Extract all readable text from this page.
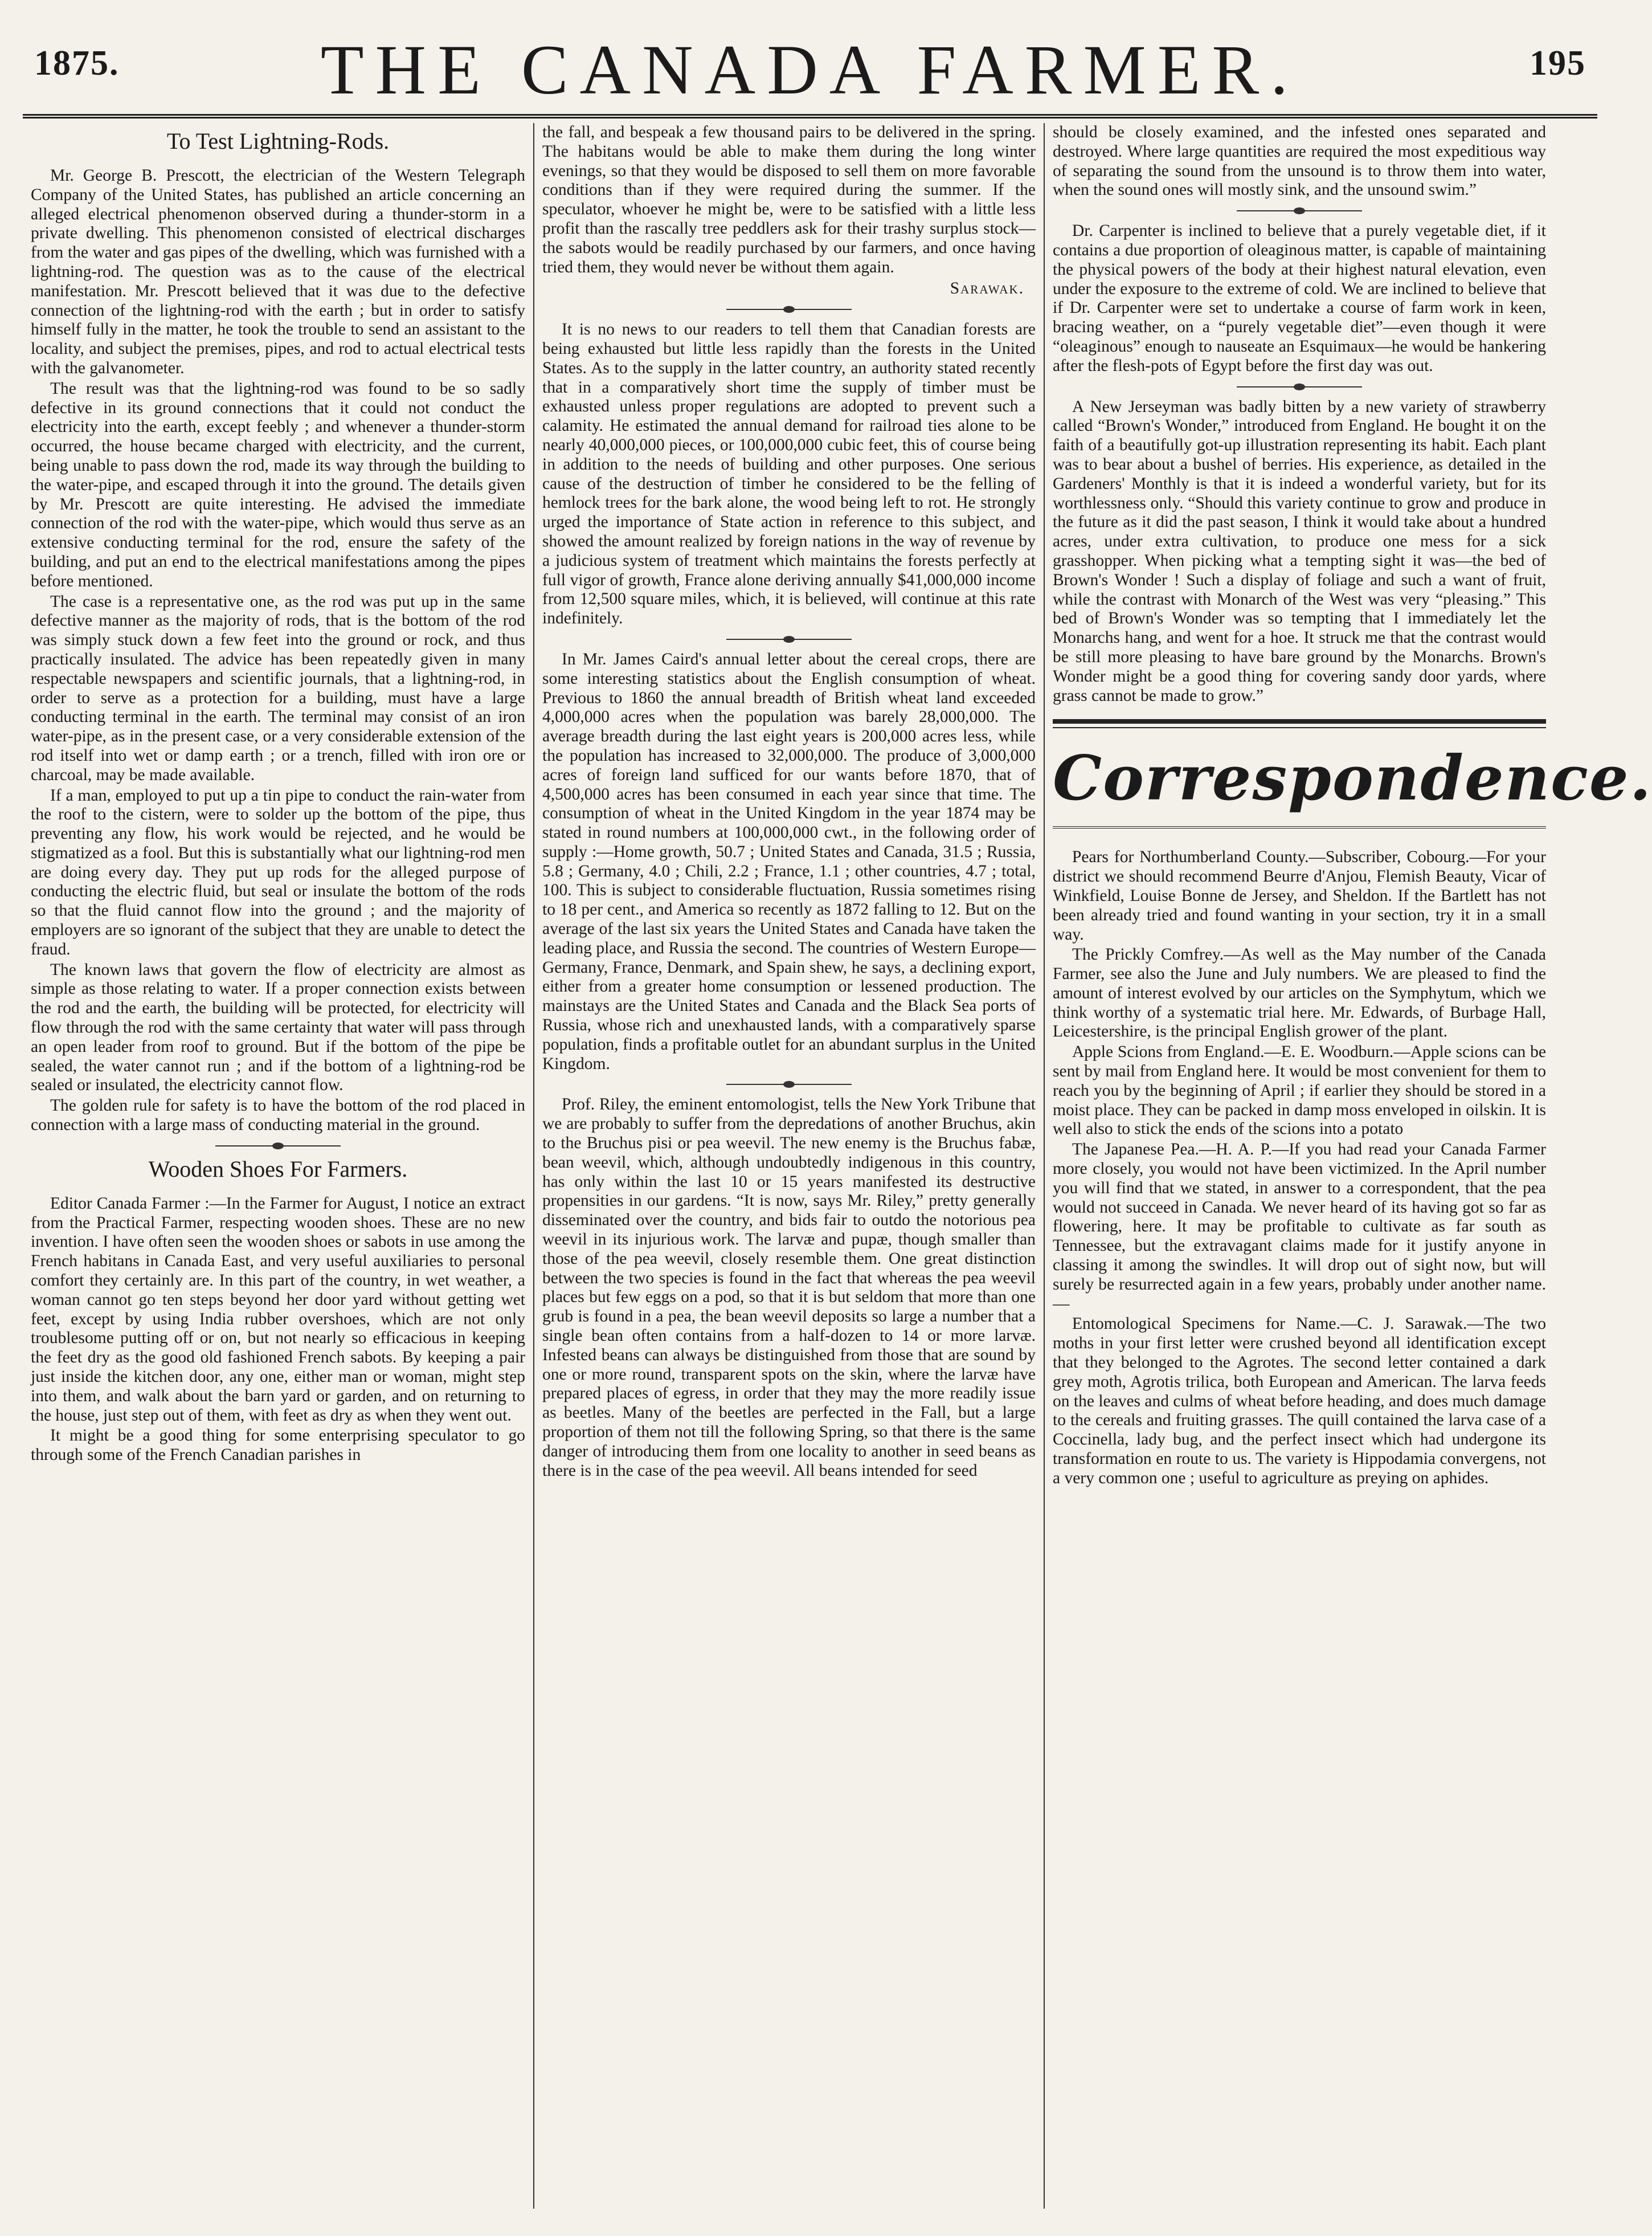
1875.	THE CANADA FARMER.	195
To Test Lightning-Rods.

Mr. George B. Prescott, the electrician of the Western Telegraph Company of the United States, has published an article concerning an alleged electrical phenomenon observed during a thunder-storm in a private dwelling. This phenomenon consisted of electrical discharges from the water and gas pipes of the dwelling, which was furnished with a lightning-rod. The question was as to the cause of the electrical manifestation. Mr. Prescott believed that it was due to the defective connection of the lightning-rod with the earth ; but in order to satisfy himself fully in the matter, he took the trouble to send an assistant to the locality, and subject the premises, pipes, and rod to actual electrical tests with the galvanometer.

The result was that the lightning-rod was found to be so sadly defective in its ground connections that it could not conduct the electricity into the earth, except feebly ; and whenever a thunder-storm occurred, the house became charged with electricity, and the current, being unable to pass down the rod, made its way through the building to the water-pipe, and escaped through it into the ground. The details given by Mr. Prescott are quite interesting. He advised the immediate connection of the rod with the water-pipe, which would thus serve as an extensive conducting terminal for the rod, ensure the safety of the building, and put an end to the electrical manifestations among the pipes before mentioned.

The case is a representative one, as the rod was put up in the same defective manner as the majority of rods, that is the bottom of the rod was simply stuck down a few feet into the ground or rock, and thus practically insulated. The advice has been repeatedly given in many respectable newspapers and scientific journals, that a lightning-rod, in order to serve as a protection for a building, must have a large conducting terminal in the earth. The terminal may consist of an iron water-pipe, as in the present case, or a very considerable extension of the rod itself into wet or damp earth ; or a trench, filled with iron ore or charcoal, may be made available.

If a man, employed to put up a tin pipe to conduct the rain-water from the roof to the cistern, were to solder up the bottom of the pipe, thus preventing any flow, his work would be rejected, and he would be stigmatized as a fool. But this is substantially what our lightning-rod men are doing every day. They put up rods for the alleged purpose of conducting the electric fluid, but seal or insulate the bottom of the rods so that the fluid cannot flow into the ground ; and the majority of employers are so ignorant of the subject that they are unable to detect the fraud.

The known laws that govern the flow of electricity are almost as simple as those relating to water. If a proper connection exists between the rod and the earth, the building will be protected, for electricity will flow through the rod with the same certainty that water will pass through an open leader from roof to ground. But if the bottom of the pipe be sealed, the water cannot run ; and if the bottom of a lightning-rod be sealed or insulated, the electricity cannot flow.

The golden rule for safety is to have the bottom of the rod placed in connection with a large mass of conducting material in the ground.

Wooden Shoes For Farmers.

Editor Canada Farmer :—In the Farmer for August, I notice an extract from the Practical Farmer, respecting wooden shoes. These are no new invention. I have often seen the wooden shoes or sabots in use among the French habitans in Canada East, and very useful auxiliaries to personal comfort they certainly are. In this part of the country, in wet weather, a woman cannot go ten steps beyond her door yard without getting wet feet, except by using India rubber overshoes, which are not only troublesome putting off or on, but not nearly so efficacious in keeping the feet dry as the good old fashioned French sabots. By keeping a pair just inside the kitchen door, any one, either man or woman, might step into them, and walk about the barn yard or garden, and on returning to the house, just step out of them, with feet as dry as when they went out.

It might be a good thing for some enterprising speculator to go through some of the French Canadian parishes in

the fall, and bespeak a few thousand pairs to be delivered in the spring. The habitans would be able to make them during the long winter evenings, so that they would be disposed to sell them on more favorable conditions than if they were required during the summer. If the speculator, whoever he might be, were to be satisfied with a little less profit than the rascally tree peddlers ask for their trashy surplus stock—the sabots would be readily purchased by our farmers, and once having tried them, they would never be without them again.

Sarawak.

It is no news to our readers to tell them that Canadian forests are being exhausted but little less rapidly than the forests in the United States. As to the supply in the latter country, an authority stated recently that in a comparatively short time the supply of timber must be exhausted unless proper regulations are adopted to prevent such a calamity. He estimated the annual demand for railroad ties alone to be nearly 40,000,000 pieces, or 100,000,000 cubic feet, this of course being in addition to the needs of building and other purposes. One serious cause of the destruction of timber he considered to be the felling of hemlock trees for the bark alone, the wood being left to rot. He strongly urged the importance of State action in reference to this subject, and showed the amount realized by foreign nations in the way of revenue by a judicious system of treatment which maintains the forests perfectly at full vigor of growth, France alone deriving annually $41,000,000 income from 12,500 square miles, which, it is believed, will continue at this rate indefinitely.

In Mr. James Caird's annual letter about the cereal crops, there are some interesting statistics about the English consumption of wheat. Previous to 1860 the annual breadth of British wheat land exceeded 4,000,000 acres when the population was barely 28,000,000. The average breadth during the last eight years is 200,000 acres less, while the population has increased to 32,000,000. The produce of 3,000,000 acres of foreign land sufficed for our wants before 1870, that of 4,500,000 acres has been consumed in each year since that time. The consumption of wheat in the United Kingdom in the year 1874 may be stated in round numbers at 100,000,000 cwt., in the following order of supply :—Home growth, 50.7 ; United States and Canada, 31.5 ; Russia, 5.8 ; Germany, 4.0 ; Chili, 2.2 ; France, 1.1 ; other countries, 4.7 ; total, 100. This is subject to considerable fluctuation, Russia sometimes rising to 18 per cent., and America so recently as 1872 falling to 12. But on the average of the last six years the United States and Canada have taken the leading place, and Russia the second. The countries of Western Europe—Germany, France, Denmark, and Spain shew, he says, a declining export, either from a greater home consumption or lessened production. The mainstays are the United States and Canada and the Black Sea ports of Russia, whose rich and unexhausted lands, with a comparatively sparse population, finds a profitable outlet for an abundant surplus in the United Kingdom.

Prof. Riley, the eminent entomologist, tells the New York Tribune that we are probably to suffer from the depredations of another Bruchus, akin to the Bruchus pisi or pea weevil. The new enemy is the Bruchus fabæ, bean weevil, which, although undoubtedly indigenous in this country, has only within the last 10 or 15 years manifested its destructive propensities in our gardens. “It is now, says Mr. Riley,” pretty generally disseminated over the country, and bids fair to outdo the notorious pea weevil in its injurious work. The larvæ and pupæ, though smaller than those of the pea weevil, closely resemble them. One great distinction between the two species is found in the fact that whereas the pea weevil places but few eggs on a pod, so that it is but seldom that more than one grub is found in a pea, the bean weevil deposits so large a number that a single bean often contains from a half-dozen to 14 or more larvæ. Infested beans can always be distinguished from those that are sound by one or more round, transparent spots on the skin, where the larvæ have prepared places of egress, in order that they may the more readily issue as beetles. Many of the beetles are perfected in the Fall, but a large proportion of them not till the following Spring, so that there is the same danger of introducing them from one locality to another in seed beans as there is in the case of the pea weevil. All beans intended for seed

should be closely examined, and the infested ones separated and destroyed. Where large quantities are required the most expeditious way of separating the sound from the unsound is to throw them into water, when the sound ones will mostly sink, and the unsound swim.”

Dr. Carpenter is inclined to believe that a purely vegetable diet, if it contains a due proportion of oleaginous matter, is capable of maintaining the physical powers of the body at their highest natural elevation, even under the exposure to the extreme of cold. We are inclined to believe that if Dr. Carpenter were set to undertake a course of farm work in keen, bracing weather, on a “purely vegetable diet”—even though it were “oleaginous” enough to nauseate an Esquimaux—he would be hankering after the flesh-pots of Egypt before the first day was out.

A New Jerseyman was badly bitten by a new variety of strawberry called “Brown's Wonder,” introduced from England. He bought it on the faith of a beautifully got-up illustration representing its habit. Each plant was to bear about a bushel of berries. His experience, as detailed in the Gardeners' Monthly is that it is indeed a wonderful variety, but for its worthlessness only. “Should this variety continue to grow and produce in the future as it did the past season, I think it would take about a hundred acres, under extra cultivation, to produce one mess for a sick grasshopper. When picking what a tempting sight it was—the bed of Brown's Wonder ! Such a display of foliage and such a want of fruit, while the contrast with Monarch of the West was very “pleasing.” This bed of Brown's Wonder was so tempting that I immediately let the Monarchs hang, and went for a hoe. It struck me that the contrast would be still more pleasing to have bare ground by the Monarchs. Brown's Wonder might be a good thing for covering sandy door yards, where grass cannot be made to grow.”

Correspondence.

Pears for Northumberland County.—Subscriber, Cobourg.—For your district we should recommend Beurre d'Anjou, Flemish Beauty, Vicar of Winkfield, Louise Bonne de Jersey, and Sheldon. If the Bartlett has not been already tried and found wanting in your section, try it in a small way.

The Prickly Comfrey.—As well as the May number of the Canada Farmer, see also the June and July numbers. We are pleased to find the amount of interest evolved by our articles on the Symphytum, which we think worthy of a systematic trial here. Mr. Edwards, of Burbage Hall, Leicestershire, is the principal English grower of the plant.

Apple Scions from England.—E. E. Woodburn.—Apple scions can be sent by mail from England here. It would be most convenient for them to reach you by the beginning of April ; if earlier they should be stored in a moist place. They can be packed in damp moss enveloped in oilskin. It is well also to stick the ends of the scions into a potato

The Japanese Pea.—H. A. P.—If you had read your Canada Farmer more closely, you would not have been victimized. In the April number you will find that we stated, in answer to a correspondent, that the pea would not succeed in Canada. We never heard of its having got so far as flowering, here. It may be profitable to cultivate as far south as Tennessee, but the extravagant claims made for it justify anyone in classing it among the swindles. It will drop out of sight now, but will surely be resurrected again in a few years, probably under another name.—

Entomological Specimens for Name.—C. J. Sarawak.—The two moths in your first letter were crushed beyond all identification except that they belonged to the Agrotes. The second letter contained a dark grey moth, Agrotis trilica, both European and American. The larva feeds on the leaves and culms of wheat before heading, and does much damage to the cereals and fruiting grasses. The quill contained the larva case of a Coccinella, lady bug, and the perfect insect which had undergone its transformation en route to us. The variety is Hippodamia convergens, not a very common one ; useful to agriculture as preying on aphides.
